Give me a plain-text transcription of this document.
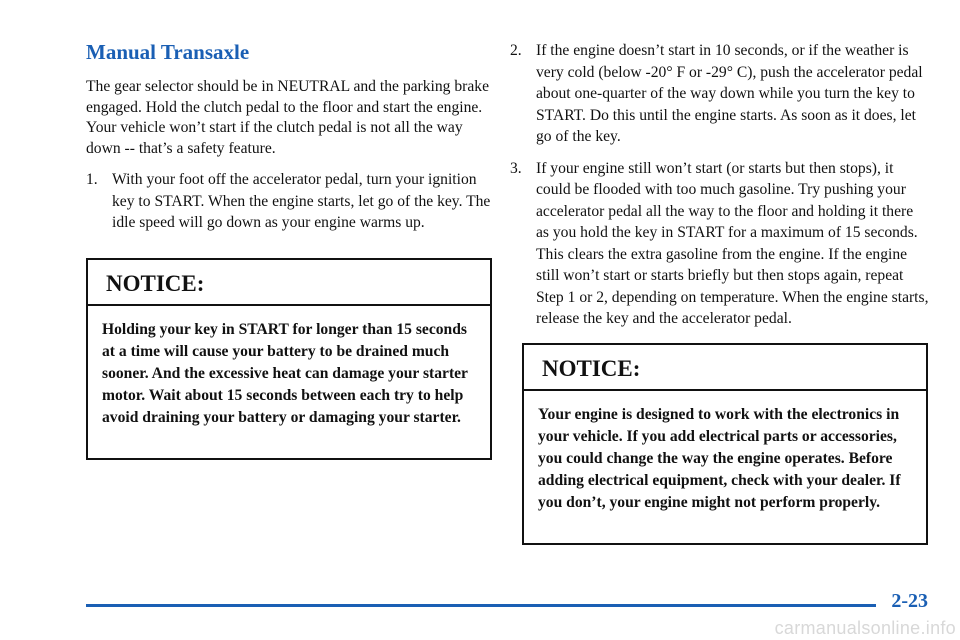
Manual Transaxle

The gear selector should be in NEUTRAL and the parking brake engaged. Hold the clutch pedal to the floor and start the engine. Your vehicle won’t start if the clutch pedal is not all the way down -- that’s a safety feature.

1. With your foot off the accelerator pedal, turn your ignition key to START. When the engine starts, let go of the key. The idle speed will go down as your engine warms up.
NOTICE:
Holding your key in START for longer than 15 seconds at a time will cause your battery to be drained much sooner. And the excessive heat can damage your starter motor. Wait about 15 seconds between each try to help avoid draining your battery or damaging your starter.
2. If the engine doesn’t start in 10 seconds, or if the weather is very cold (below -20° F or -29° C), push the accelerator pedal about one-quarter of the way down while you turn the key to START. Do this until the engine starts. As soon as it does, let go of the key.
3. If your engine still won’t start (or starts but then stops), it could be flooded with too much gasoline. Try pushing your accelerator pedal all the way to the floor and holding it there as you hold the key in START for a maximum of 15 seconds. This clears the extra gasoline from the engine. If the engine still won’t start or starts briefly but then stops again, repeat Step 1 or 2, depending on temperature. When the engine starts, release the key and the accelerator pedal.
NOTICE:
Your engine is designed to work with the electronics in your vehicle. If you add electrical parts or accessories, you could change the way the engine operates. Before adding electrical equipment, check with your dealer. If you don’t, your engine might not perform properly.
2-23
carmanualsonline.info
